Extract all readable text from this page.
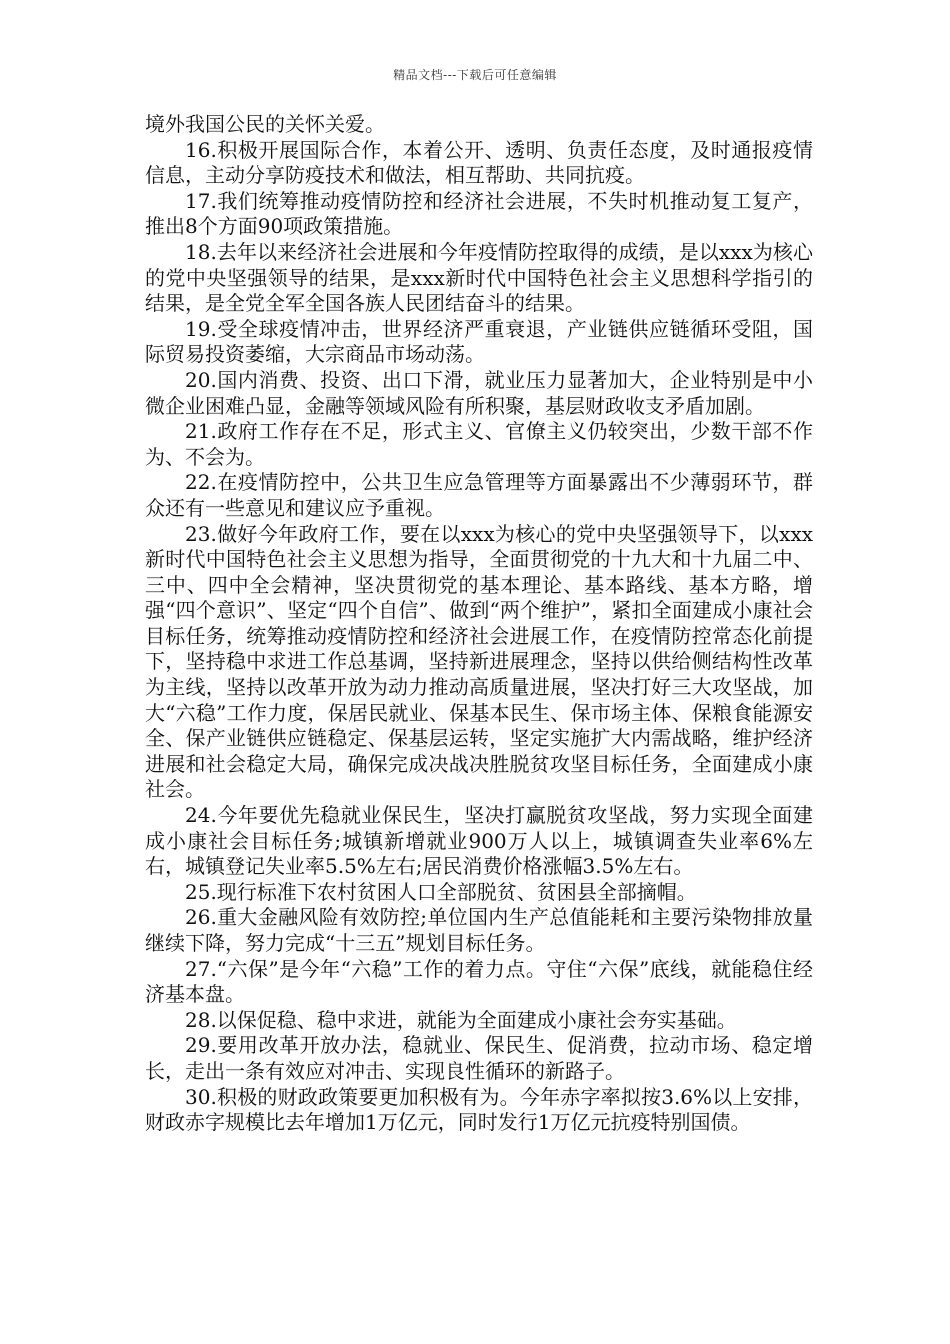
精品文档---下载后可任意编辑

境外我国公民的关怀关爱。

16.积极开展国际合作，本着公开、透明、负责任态度，及时通报疫情信息，主动分享防疫技术和做法，相互帮助、共同抗疫。

17.我们统筹推动疫情防控和经济社会进展，不失时机推动复工复产，推出8个方面90项政策措施。

18.去年以来经济社会进展和今年疫情防控取得的成绩，是以xxx为核心的党中央坚强领导的结果，是xxx新时代中国特色社会主义思想科学指引的结果，是全党全军全国各族人民团结奋斗的结果。

19.受全球疫情冲击，世界经济严重衰退，产业链供应链循环受阻，国际贸易投资萎缩，大宗商品市场动荡。

20.国内消费、投资、出口下滑，就业压力显著加大，企业特别是中小微企业困难凸显，金融等领域风险有所积聚，基层财政收支矛盾加剧。

21.政府工作存在不足，形式主义、官僚主义仍较突出，少数干部不作为、不会为。

22.在疫情防控中，公共卫生应急管理等方面暴露出不少薄弱环节，群众还有一些意见和建议应予重视。

23.做好今年政府工作，要在以xxx为核心的党中央坚强领导下，以xxx新时代中国特色社会主义思想为指导，全面贯彻党的十九大和十九届二中、三中、四中全会精神，坚决贯彻党的基本理论、基本路线、基本方略，增强“四个意识”、坚定“四个自信”、做到“两个维护”，紧扣全面建成小康社会目标任务，统筹推动疫情防控和经济社会进展工作，在疫情防控常态化前提下，坚持稳中求进工作总基调，坚持新进展理念，坚持以供给侧结构性改革为主线，坚持以改革开放为动力推动高质量进展，坚决打好三大攻坚战，加大“六稳”工作力度，保居民就业、保基本民生、保市场主体、保粮食能源安全、保产业链供应链稳定、保基层运转，坚定实施扩大内需战略，维护经济进展和社会稳定大局，确保完成决战决胜脱贫攻坚目标任务，全面建成小康社会。

24.今年要优先稳就业保民生，坚决打赢脱贫攻坚战，努力实现全面建成小康社会目标任务;城镇新增就业900万人以上，城镇调查失业率6%左右，城镇登记失业率5.5%左右;居民消费价格涨幅3.5%左右。

25.现行标准下农村贫困人口全部脱贫、贫困县全部摘帽。

26.重大金融风险有效防控;单位国内生产总值能耗和主要污染物排放量继续下降，努力完成“十三五”规划目标任务。

27.“六保”是今年“六稳”工作的着力点。守住“六保”底线，就能稳住经济基本盘。

28.以保促稳、稳中求进，就能为全面建成小康社会夯实基础。

29.要用改革开放办法，稳就业、保民生、促消费，拉动市场、稳定增长，走出一条有效应对冲击、实现良性循环的新路子。

30.积极的财政政策要更加积极有为。今年赤字率拟按3.6%以上安排，财政赤字规模比去年增加1万亿元，同时发行1万亿元抗疫特别国债。
